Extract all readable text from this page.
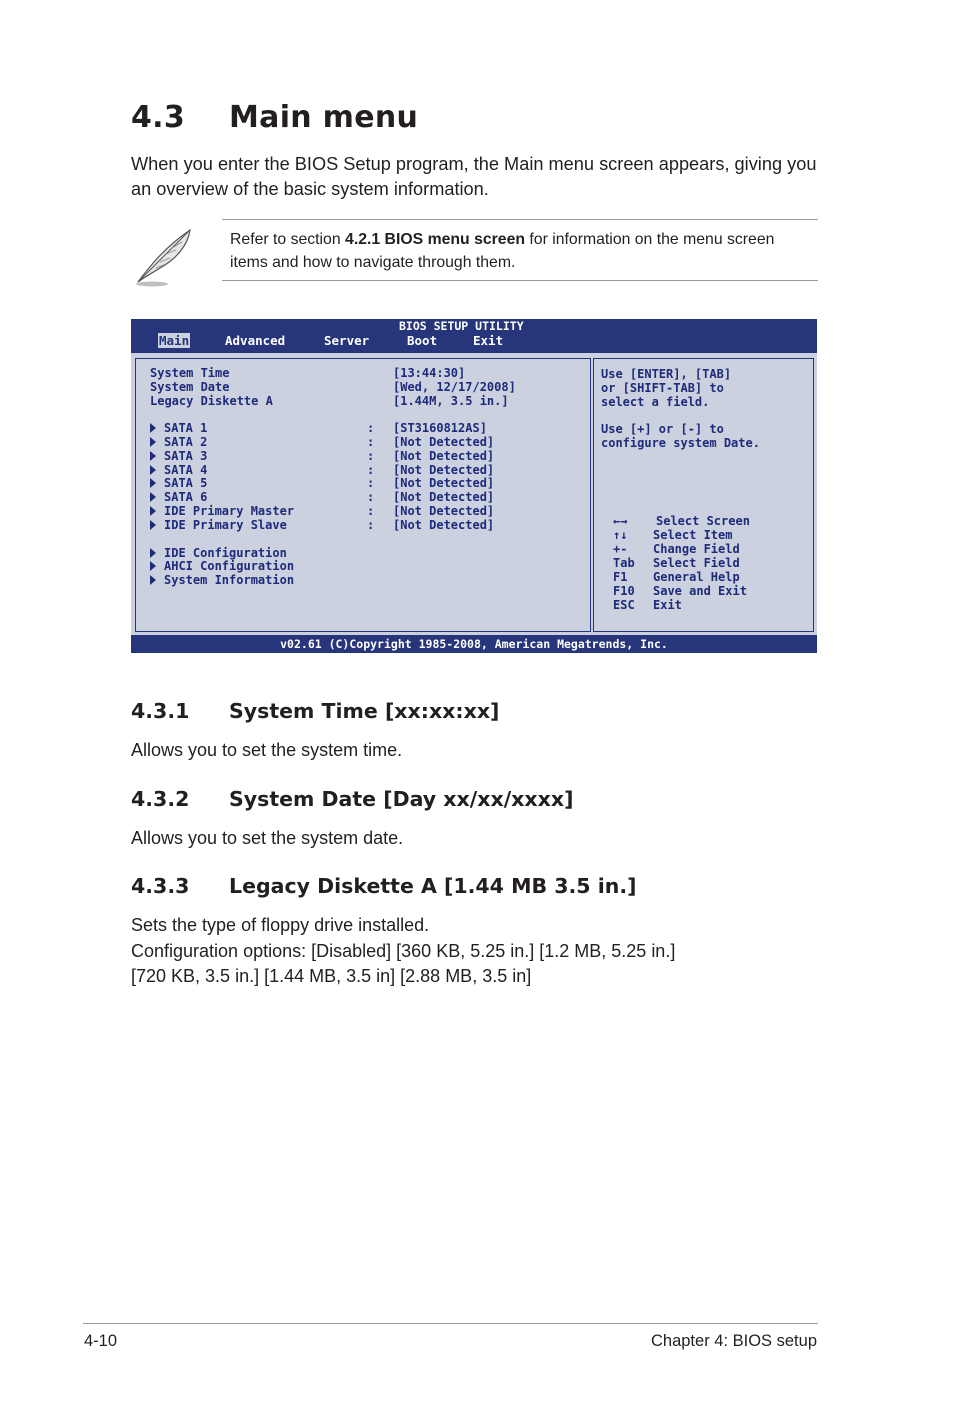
4.3 Main menu

When you enter the BIOS Setup program, the Main menu screen appears, giving you an overview of the basic system information.

Refer to section 4.2.1 BIOS menu screen for information on the menu screen items and how to navigate through them.

BIOS SETUP UTILITY
Main	Advanced	Server	Boot	Exit
System Time	[13:44:30]
System Date	[Wed, 12/17/2008]
Legacy Diskette A	[1.44M, 3.5 in.]
SATA 1	: [ST3160812AS]
SATA 2	: [Not Detected]
SATA 3	: [Not Detected]
SATA 4	: [Not Detected]
SATA 5	: [Not Detected]
SATA 6	: [Not Detected]
IDE Primary Master	: [Not Detected]
IDE Primary Slave	: [Not Detected]
IDE Configuration
AHCI Configuration
System Information
Use [ENTER], [TAB]
or [SHIFT-TAB] to
select a field.
Use [+] or [-] to
configure system Date.
←→ Select Screen
↑↓ Select Item
+- Change Field
Tab Select Field
F1 General Help
F10 Save and Exit
ESC Exit
v02.61 (C)Copyright 1985-2008, American Megatrends, Inc.
4.3.1 System Time [xx:xx:xx]

Allows you to set the system time.

4.3.2 System Date [Day xx/xx/xxxx]

Allows you to set the system date.

4.3.3 Legacy Diskette A [1.44 MB 3.5 in.]

Sets the type of floppy drive installed.

Configuration options: [Disabled] [360 KB, 5.25 in.] [1.2 MB, 5.25 in.]

[720 KB, 3.5 in.] [1.44 MB, 3.5 in] [2.88 MB, 3.5 in]

4-10	Chapter 4: BIOS setup
